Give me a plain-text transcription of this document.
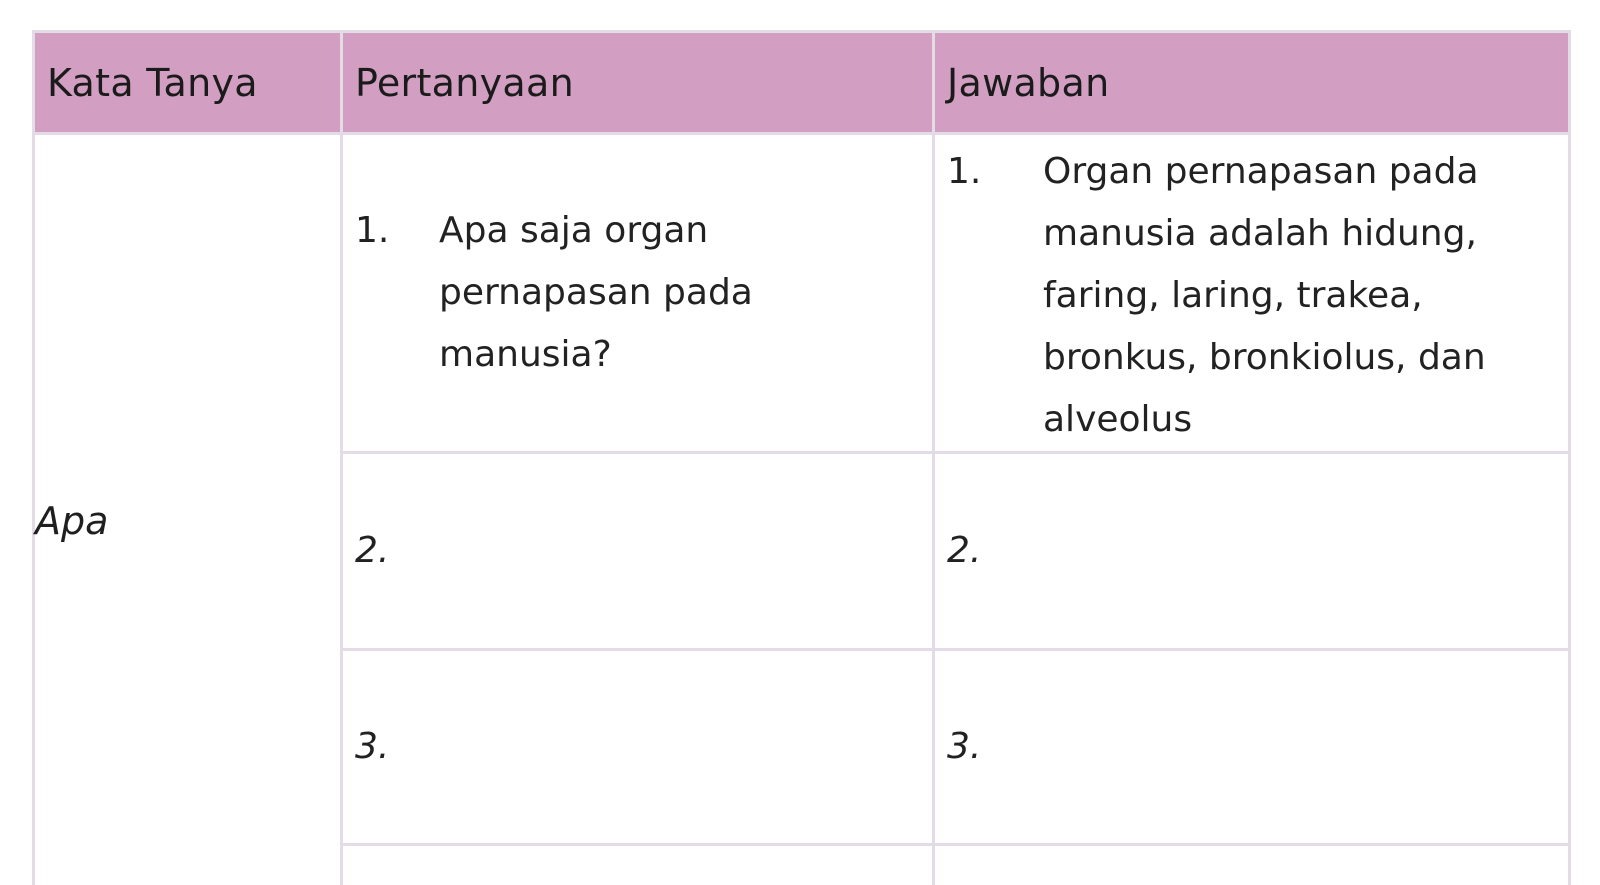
Kata Tanya	Pertanyaan	Jawaban
Apa	1. Apa saja organ pernapasan pada manusia?	1. Organ pernapasan pada manusia adalah hidung, faring, laring, trakea, bronkus, bronkiolus, dan alveolus

	2.	2.

	3.	3.
